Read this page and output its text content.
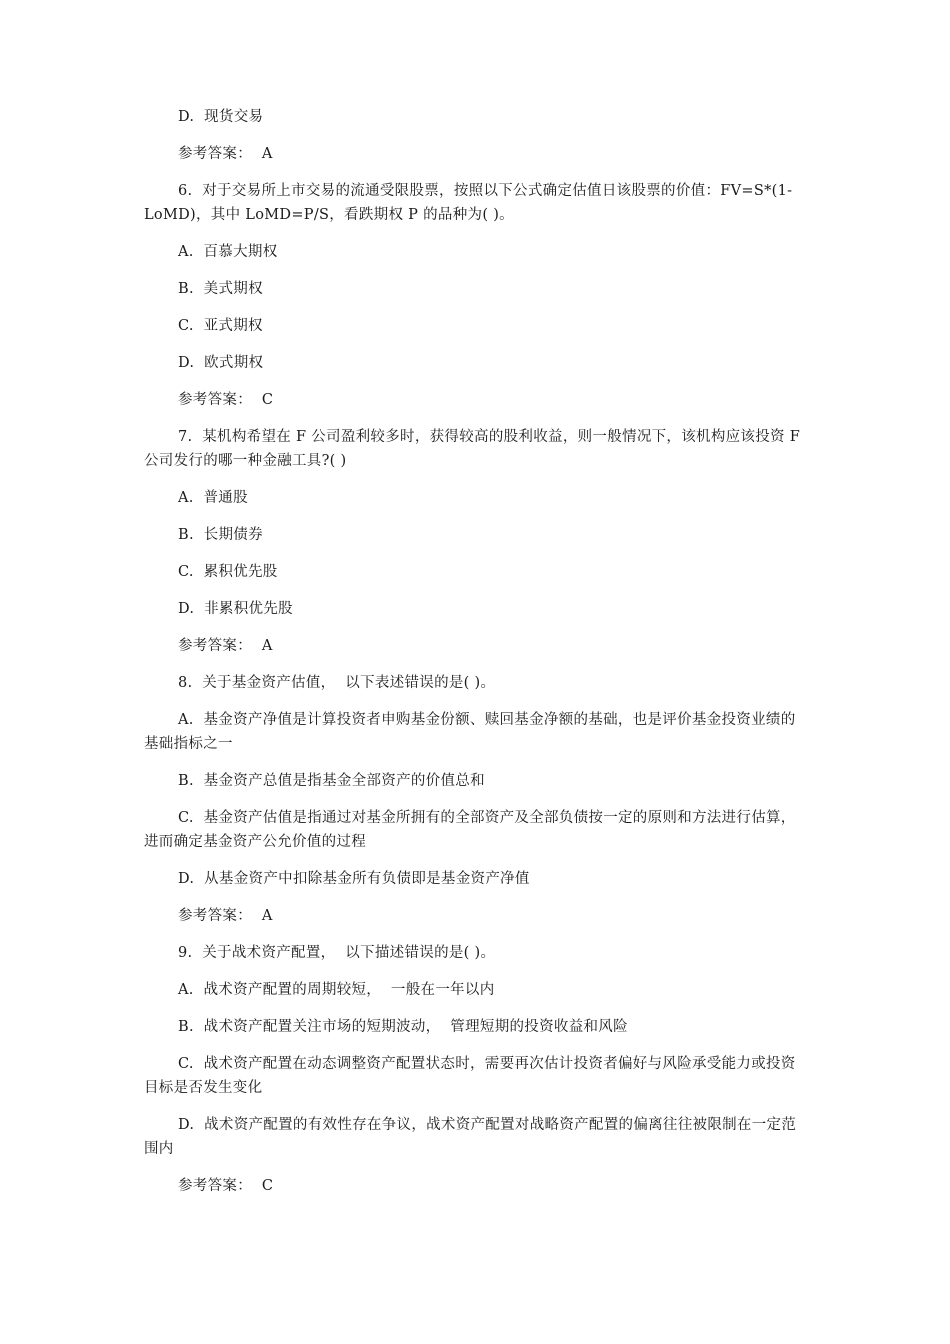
D.  现货交易

参考答案：  A

6.  对于交易所上市交易的流通受限股票，按照以下公式确定估值日该股票的价值：FV=S*(1-LoMD)，其中 LoMD=P/S，看跌期权 P 的品种为( )。

A.  百慕大期权

B.  美式期权

C.  亚式期权

D.  欧式期权

参考答案：  C

7.  某机构希望在 F 公司盈利较多时，获得较高的股利收益，则一般情况下，该机构应该投资 F 公司发行的哪一种金融工具?( )

A.  普通股

B.  长期债券

C.  累积优先股

D.  非累积优先股

参考答案：  A

8.  关于基金资产估值，  以下表述错误的是( )。

A.  基金资产净值是计算投资者申购基金份额、赎回基金净额的基础，也是评价基金投资业绩的基础指标之一

B.  基金资产总值是指基金全部资产的价值总和

C.  基金资产估值是指通过对基金所拥有的全部资产及全部负债按一定的原则和方法进行估算，  进而确定基金资产公允价值的过程

D.  从基金资产中扣除基金所有负债即是基金资产净值

参考答案：  A

9.  关于战术资产配置，  以下描述错误的是( )。

A.  战术资产配置的周期较短，  一般在一年以内

B.  战术资产配置关注市场的短期波动，  管理短期的投资收益和风险

C.  战术资产配置在动态调整资产配置状态时，需要再次估计投资者偏好与风险承受能力或投资目标是否发生变化

D.  战术资产配置的有效性存在争议，战术资产配置对战略资产配置的偏离往往被限制在一定范围内

参考答案：  C
